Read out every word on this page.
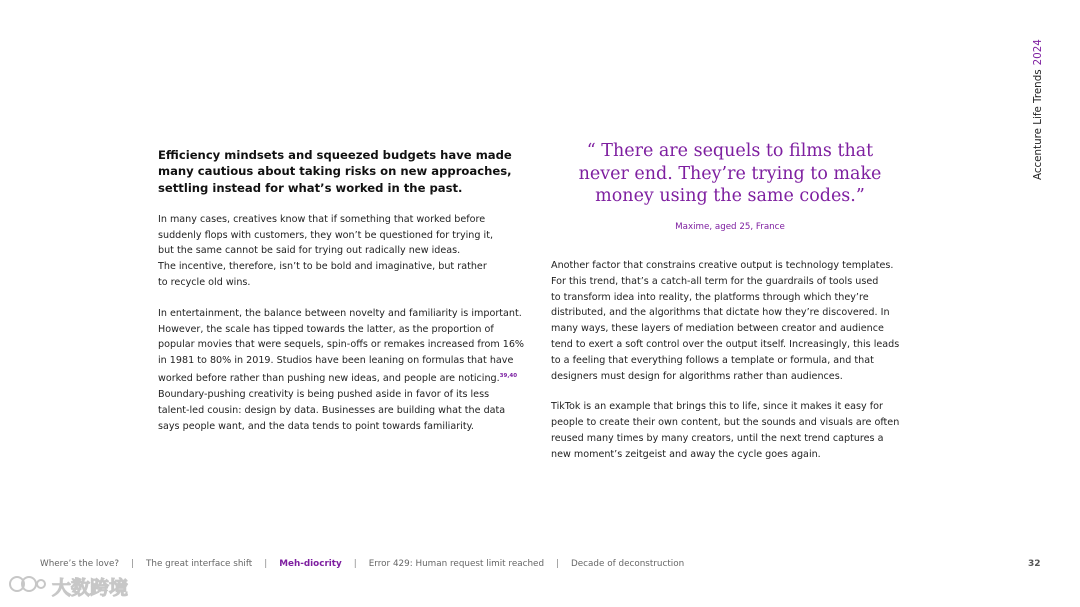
Accenture Life Trends2024

Efficiency mindsets and squeezed budgets have made many cautious about taking risks on new approaches, settling instead for what’s worked in the past.

In many cases, creatives know that if something that worked before

suddenly flops with customers, they won’t be questioned for trying it,

but the same cannot be said for trying out radically new ideas.

The incentive, therefore, isn’t to be bold and imaginative, but rather

to recycle old wins.

In entertainment, the balance between novelty and familiarity is important.

However, the scale has tipped towards the latter, as the proportion of

popular movies that were sequels, spin-offs or remakes increased from 16%

in 1981 to 80% in 2019. Studios have been leaning on formulas that have

worked before rather than pushing new ideas, and people are noticing.$^{39,40}$

Boundary-pushing creativity is being pushed aside in favor of its less

talent-led cousin: design by data. Businesses are building what the data

says people want, and the data tends to point towards familiarity.

“ There are sequels to films that
never end. They’re trying to make
money using the same codes.”
Maxime, aged 25, France

Another factor that constrains creative output is technology templates.

For this trend, that’s a catch-all term for the guardrails of tools used

to transform idea into reality, the platforms through which they’re

distributed, and the algorithms that dictate how they’re discovered. In

many ways, these layers of mediation between creator and audience

tend to exert a soft control over the output itself. Increasingly, this leads

to a feeling that everything follows a template or formula, and that

designers must design for algorithms rather than audiences.

TikTok is an example that brings this to life, since it makes it easy for

people to create their own content, but the sounds and visuals are often

reused many times by many creators, until the next trend captures a

new moment’s zeitgeist and away the cycle goes again.

Where’s the love? | The great interface shift | Meh-diocrity | Error 429: Human request limit reached | Decade of deconstruction	32
大数跨境
